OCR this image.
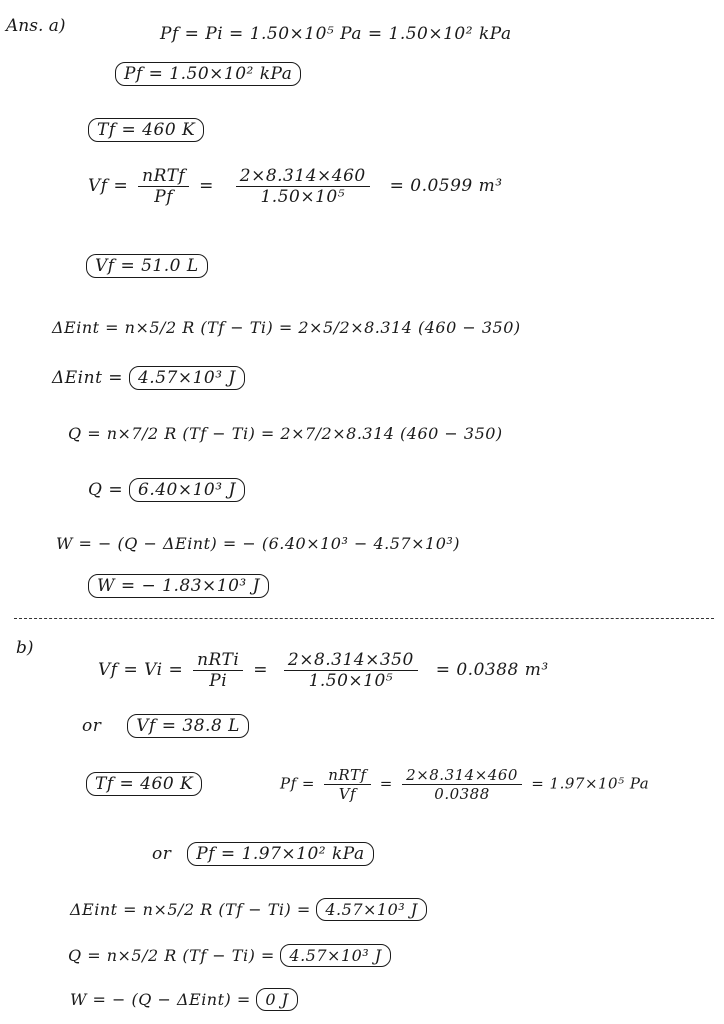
Ans. a)	Pf = Pi = 1.50×10⁵ Pa = 1.50×10² kPa
Pf = 1.50×10² kPa
Tf = 460 K
$Vf = \frac{\text{nRTf}}{Pf} = \frac{2\times 8.314\times 460}{\text{1.50×10⁵}} = 0.0599$ m³
Vf = 51.0 L
ΔEint = n×5/2 R (Tf − Ti) = 2×5/2×8.314 (460 − 350)
ΔEint = 4.57×10³ J
Q = n×7/2 R (Tf − Ti) = 2×7/2×8.314 (460 − 350)
Q = 6.40×10³ J
W = − (Q − ΔEint) = − (6.40×10³ − 4.57×10³)
W = − 1.83×10³ J
b)
$Vf = Vi = \frac{\text{nRTi}}{Pi} = \frac{2\times 8.314\times 350}{\text{1.50×10⁵}} = 0.0388$ m³
or Vf = 38.8 L
Tf = 460 K	$Pf = \frac{\text{nRTf}}{Vf} = \frac{2\times 8.314\times 460}{0.0388} = 1.97\times 10^5$ Pa
or Pf = 1.97×10² kPa
ΔEint = n×5/2 R (Tf − Ti) = 4.57×10³ J
Q = n×5/2 R (Tf − Ti) = 4.57×10³ J
W = − (Q − ΔEint) = 0 J
